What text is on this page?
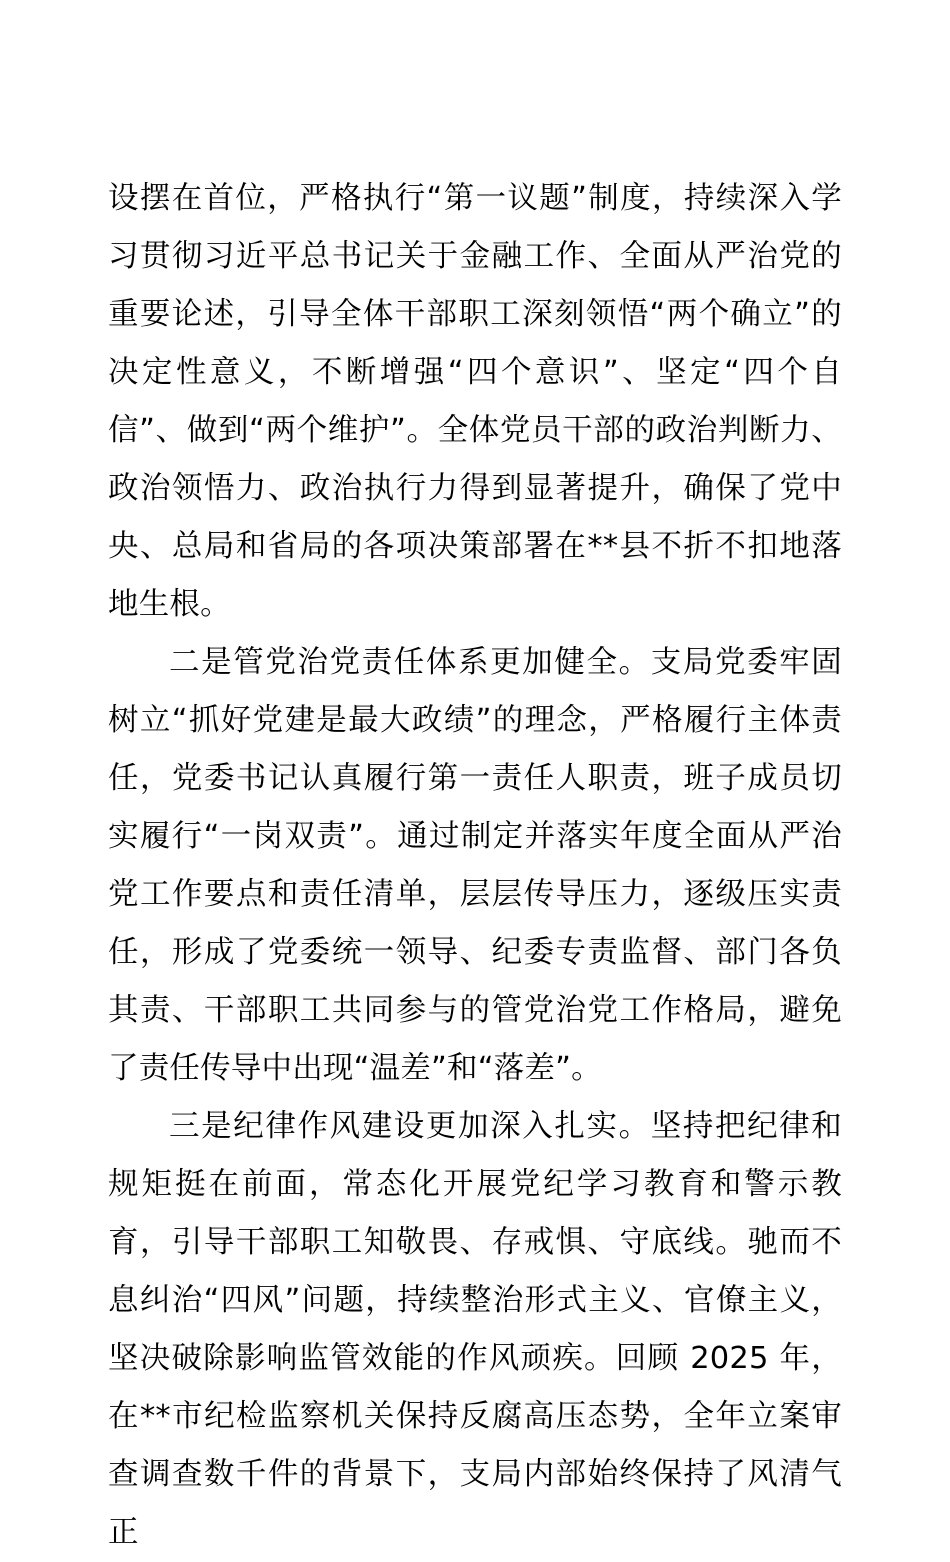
设摆在首位，严格执行“第一议题”制度，持续深入学习贯彻习近平总书记关于金融工作、全面从严治党的重要论述，引导全体干部职工深刻领悟“两个确立”的决定性意义，不断增强“四个意识”、坚定“四个自信”、做到“两个维护”。全体党员干部的政治判断力、政治领悟力、政治执行力得到显著提升，确保了党中央、总局和省局的各项决策部署在**县不折不扣地落地生根。

二是管党治党责任体系更加健全。支局党委牢固树立“抓好党建是最大政绩”的理念，严格履行主体责任，党委书记认真履行第一责任人职责，班子成员切实履行“一岗双责”。通过制定并落实年度全面从严治党工作要点和责任清单，层层传导压力，逐级压实责任，形成了党委统一领导、纪委专责监督、部门各负其责、干部职工共同参与的管党治党工作格局，避免了责任传导中出现“温差”和“落差”。

三是纪律作风建设更加深入扎实。坚持把纪律和规矩挺在前面，常态化开展党纪学习教育和警示教育，引导干部职工知敬畏、存戒惧、守底线。驰而不息纠治“四风”问题，持续整治形式主义、官僚主义，坚决破除影响监管效能的作风顽疾。回顾 2025 年，在**市纪检监察机关保持反腐高压态势，全年立案审查调查数千件的背景下，支局内部始终保持了风清气正
